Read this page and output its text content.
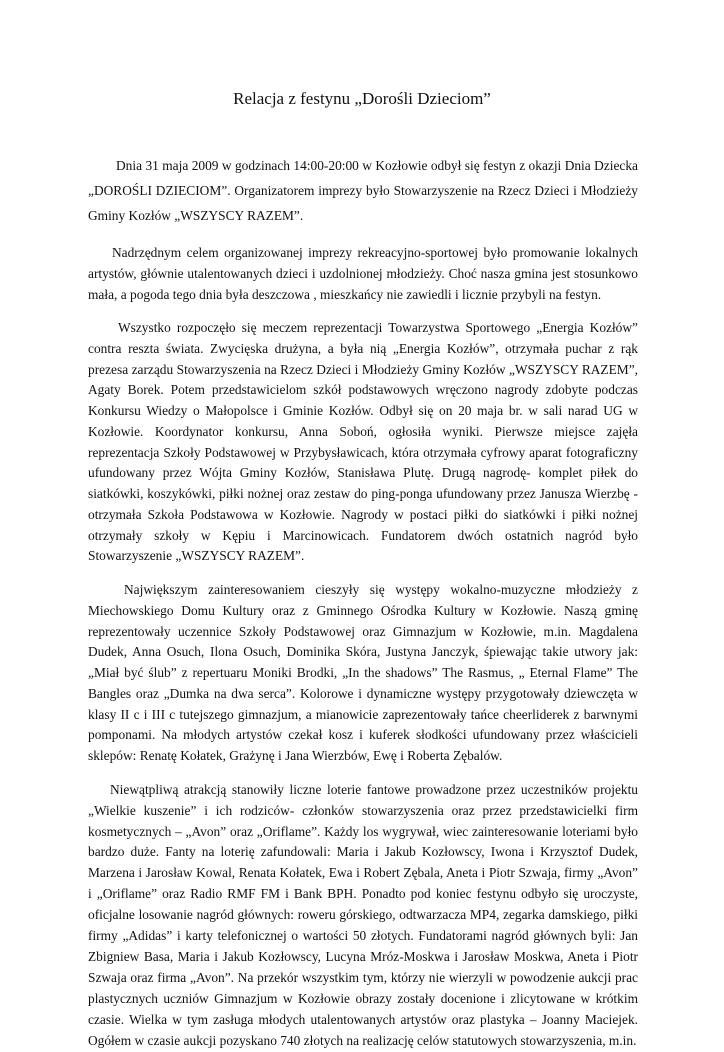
Relacja z festynu „Dorośli Dzieciom”

Dnia 31 maja 2009 w godzinach 14:00-20:00 w Kozłowie odbył się festyn z okazji Dnia Dziecka „DOROŚLI DZIECIOM”. Organizatorem imprezy było Stowarzyszenie na Rzecz Dzieci i Młodzieży Gminy Kozłów „WSZYSCY RAZEM”.

Nadrzędnym celem organizowanej imprezy rekreacyjno-sportowej było promowanie lokalnych artystów, głównie utalentowanych dzieci i uzdolnionej młodzieży. Choć nasza gmina jest stosunkowo mała, a pogoda tego dnia była deszczowa , mieszkańcy nie zawiedli i licznie przybyli na festyn.

Wszystko rozpoczęło się meczem reprezentacji Towarzystwa Sportowego „Energia Kozłów” contra reszta świata. Zwycięska drużyna, a była nią „Energia Kozłów”, otrzymała puchar z rąk prezesa zarządu Stowarzyszenia na Rzecz Dzieci i Młodzieży Gminy Kozłów „WSZYSCY RAZEM”, Agaty Borek. Potem przedstawicielom szkół podstawowych wręczono nagrody zdobyte podczas Konkursu Wiedzy o Małopolsce i Gminie Kozłów. Odbył się on 20 maja br. w sali narad UG w Kozłowie. Koordynator konkursu, Anna Soboń, ogłosiła wyniki. Pierwsze miejsce zajęła reprezentacja Szkoły Podstawowej w Przybysławicach, która otrzymała cyfrowy aparat fotograficzny ufundowany przez Wójta Gminy Kozłów, Stanisława Plutę. Drugą nagrodę- komplet piłek do siatkówki, koszykówki, piłki nożnej oraz zestaw do ping-ponga ufundowany przez Janusza Wierzbę - otrzymała Szkoła Podstawowa w Kozłowie. Nagrody w postaci piłki do siatkówki i piłki nożnej otrzymały szkoły w Kępiu i Marcinowicach. Fundatorem dwóch ostatnich nagród było Stowarzyszenie „WSZYSCY RAZEM”.

Największym zainteresowaniem cieszyły się występy wokalno-muzyczne młodzieży z Miechowskiego Domu Kultury oraz z Gminnego Ośrodka Kultury w Kozłowie. Naszą gminę reprezentowały uczennice Szkoły Podstawowej oraz Gimnazjum w Kozłowie, m.in. Magdalena Dudek, Anna Osuch, Ilona Osuch, Dominika Skóra, Justyna Janczyk, śpiewając takie utwory jak: „Miał być ślub” z repertuaru Moniki Brodki, „In the shadows” The Rasmus, „ Eternal Flame” The Bangles oraz „Dumka na dwa serca”. Kolorowe i dynamiczne występy przygotowały dziewczęta w klasy II c i III c tutejszego gimnazjum, a mianowicie zaprezentowały tańce cheerliderek z barwnymi pomponami. Na młodych artystów czekał kosz i kuferek słodkości ufundowany przez właścicieli sklepów: Renatę Kołatek, Grażynę i Jana Wierzbów, Ewę i Roberta Zębalów.

Niewątpliwą atrakcją stanowiły liczne loterie fantowe prowadzone przez uczestników projektu „Wielkie kuszenie” i ich rodziców- członków stowarzyszenia oraz przez przedstawicielki firm kosmetycznych – „Avon” oraz „Oriflame”. Każdy los wygrywał, wiec zainteresowanie loteriami było bardzo duże. Fanty na loterię zafundowali: Maria i Jakub Kozłowscy, Iwona i Krzysztof Dudek, Marzena i Jarosław Kowal, Renata Kołatek, Ewa i Robert Zębala, Aneta i Piotr Szwaja, firmy „Avon” i „Oriflame” oraz Radio RMF FM i Bank BPH. Ponadto pod koniec festynu odbyło się uroczyste, oficjalne losowanie nagród głównych: roweru górskiego, odtwarzacza MP4, zegarka damskiego, piłki firmy „Adidas” i karty telefonicznej o wartości 50 złotych. Fundatorami nagród głównych byli: Jan Zbigniew Basa, Maria i Jakub Kozłowscy, Lucyna Mróz-Moskwa i Jarosław Moskwa, Aneta i Piotr Szwaja oraz firma „Avon”. Na przekór wszystkim tym, którzy nie wierzyli w powodzenie aukcji prac plastycznych uczniów Gimnazjum w Kozłowie obrazy zostały docenione i zlicytowane w krótkim czasie. Wielka w tym zasługa młodych utalentowanych artystów oraz plastyka – Joanny Maciejek. Ogółem w czasie aukcji pozyskano 740 złotych na realizację celów statutowych stowarzyszenia, m.in.
